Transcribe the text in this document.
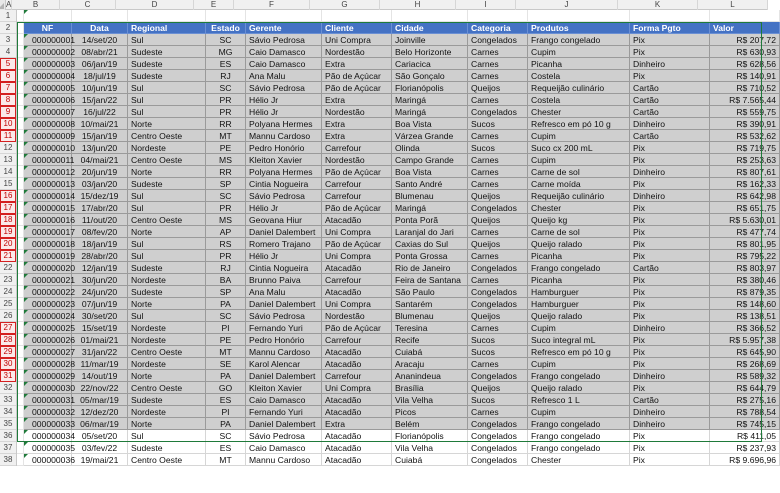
A	B	C	D	E	F	G	H	I	J	K	L
1
2
3
4
5
6
7
8
9
10
11
12
13
14
15
16
17
18
19
20
21
22
23
24
25
26
27
28
29
30
31
32
33
34
35
36
37
38
NF	Data	Regional	Estado	Gerente	Cliente	Cidade	Categoria	Produtos	Forma Pgto	Valor
000000001 14/set/20	Sul	SC	Sávio Pedrosa	Uni Compra	Joinville	Congelados	Frango congelado	Pix	R$ 207,72
000000002 08/abr/21	Sudeste	MG	Caio Damasco	Nordestão	Belo Horizonte	Carnes	Cupim	Pix	R$ 630,93
000000003 06/jan/19	Sudeste	ES	Caio Damasco	Extra	Cariacica	Carnes	Picanha	Dinheiro	R$ 628,56
000000004 18/jul/19	Sudeste	RJ	Ana Malu	Pão de Açúcar	São Gonçalo	Carnes	Costela	Pix	R$ 140,91
000000005 10/jun/19	Sul	SC	Sávio Pedrosa	Pão de Açúcar	Florianópolis	Queijos	Requeijão culinário	Cartão	R$ 710,52
000000006 15/jan/22	Sul	PR	Hélio Jr	Extra	Maringá	Carnes	Costela	Cartão	R$ 7.565,44
000000007 16/jul/22	Sul	PR	Hélio Jr	Nordestão	Maringá	Congelados	Chester	Cartão	R$ 559,75
000000008 10/mai/21	Norte	RR	Polyana Hermes	Extra	Boa Vista	Sucos	Refresco em pó 10 g	Dinheiro	R$ 390,91
000000009 15/jan/19	Centro Oeste	MT	Mannu Cardoso	Extra	Várzea Grande	Carnes	Cupim	Cartão	R$ 532,62
000000010 13/jun/20	Nordeste	PE	Pedro Honório	Carrefour	Olinda	Sucos	Suco cx 200 mL	Pix	R$ 719,75
000000011 04/mai/21	Centro Oeste	MS	Kleiton Xavier	Nordestão	Campo Grande	Carnes	Cupim	Pix	R$ 253,63
000000012 20/jun/19	Norte	RR	Polyana Hermes	Pão de Açúcar	Boa Vista	Carnes	Carne de sol	Dinheiro	R$ 807,61
000000013 03/jan/20	Sudeste	SP	Cintia Nogueira	Carrefour	Santo André	Carnes	Carne moída	Pix	R$ 162,33
000000014 15/dez/19	Sul	SC	Sávio Pedrosa	Carrefour	Blumenau	Queijos	Requeijão culinário	Dinheiro	R$ 642,98
000000015 17/abr/20	Sul	PR	Hélio Jr	Pão de Açúcar	Maringá	Congelados	Chester	Pix	R$ 651,75
000000016 11/out/20	Centro Oeste	MS	Geovana Hiur	Atacadão	Ponta Porã	Queijos	Queijo kg	Pix	R$ 5.630,01
000000017 08/fev/20	Norte	AP	Daniel Dalembert	Uni Compra	Laranjal do Jari	Carnes	Carne de sol	Pix	R$ 477,74
000000018 18/jan/19	Sul	RS	Romero Trajano	Pão de Açúcar	Caxias do Sul	Queijos	Queijo ralado	Pix	R$ 801,95
000000019 28/abr/20	Sul	PR	Hélio Jr	Uni Compra	Ponta Grossa	Carnes	Picanha	Pix	R$ 795,22
000000020 12/jan/19	Sudeste	RJ	Cintia Nogueira	Atacadão	Rio de Janeiro	Congelados	Frango congelado	Cartão	R$ 803,97
000000021 30/jun/20	Nordeste	BA	Brunno Paiva	Carrefour	Feira de Santana	Carnes	Picanha	Pix	R$ 380,46
000000022 24/jun/20	Sudeste	SP	Ana Malu	Atacadão	São Paulo	Congelados	Hamburguer	Pix	R$ 879,35
000000023 07/jun/19	Norte	PA	Daniel Dalembert	Uni Compra	Santarém	Congelados	Hamburguer	Pix	R$ 148,60
000000024 30/set/20	Sul	SC	Sávio Pedrosa	Nordestão	Blumenau	Queijos	Queijo ralado	Pix	R$ 138,51
000000025 15/set/19	Nordeste	PI	Fernando Yuri	Pão de Açúcar	Teresina	Carnes	Cupim	Dinheiro	R$ 366,52
000000026 01/mai/21	Nordeste	PE	Pedro Honório	Carrefour	Recife	Sucos	Suco integral mL	Pix	R$ 5.957,38
000000027 31/jan/22	Centro Oeste	MT	Mannu Cardoso	Atacadão	Cuiabá	Sucos	Refresco em pó 10 g	Pix	R$ 645,90
000000028 11/mar/19	Nordeste	SE	Karol Alencar	Atacadão	Aracaju	Carnes	Cupim	Pix	R$ 268,69
000000029 14/out/19	Norte	PA	Daniel Dalembert	Carrefour	Ananindeua	Congelados	Frango congelado	Dinheiro	R$ 589,32
000000030 22/nov/22	Centro Oeste	GO	Kleiton Xavier	Uni Compra	Brasília	Queijos	Queijo ralado	Pix	R$ 644,79
000000031 05/mar/19	Sudeste	ES	Caio Damasco	Atacadão	Vila Velha	Sucos	Refresco 1 L	Cartão	R$ 275,16
000000032 12/dez/20	Nordeste	PI	Fernando Yuri	Atacadão	Picos	Carnes	Cupim	Dinheiro	R$ 788,54
000000033 06/mar/19	Norte	PA	Daniel Dalembert	Extra	Belém	Congelados	Frango congelado	Dinheiro	R$ 745,15
000000034 05/set/20	Sul	SC	Sávio Pedrosa	Atacadão	Florianópolis	Congelados	Frango congelado	Pix	R$ 411,05
000000035 03/fev/22	Sudeste	ES	Caio Damasco	Atacadão	Vila Velha	Congelados	Frango congelado	Pix	R$ 237,93
000000036 19/mai/21	Centro Oeste	MT	Mannu Cardoso	Atacadão	Cuiabá	Congelados	Chester	Pix	R$ 9.696,96
